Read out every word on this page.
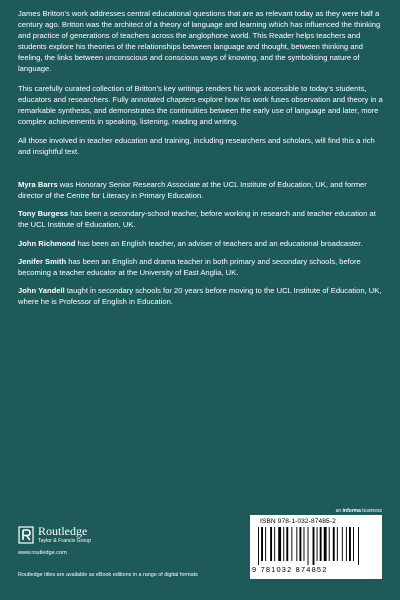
James Britton’s work addresses central educational questions that are as relevant today as they were half a century ago. Britton was the architect of a theory of language and learning which has influenced the thinking and practice of generations of teachers across the anglophone world. This Reader helps teachers and students explore his theories of the relationships between language and thought, between thinking and feeling, the links between unconscious and conscious ways of knowing, and the symbolising nature of language.

This carefully curated collection of Britton’s key writings renders his work accessible to today’s students, educators and researchers. Fully annotated chapters explore how his work fuses observation and theory in a remarkable synthesis, and demonstrates the continuities between the early use of language and later, more complex achievements in speaking, listening, reading and writing.

All those involved in teacher education and training, including researchers and scholars, will find this a rich and insightful text.

Myra Barrs was Honorary Senior Research Associate at the UCL Institute of Education, UK, and former director of the Centre for Literacy in Primary Education.

Tony Burgess has been a secondary-school teacher, before working in research and teacher education at the UCL Institute of Education, UK.

John Richmond has been an English teacher, an adviser of teachers and an educational broadcaster.

Jenifer Smith has been an English and drama teacher in both primary and secondary schools, before becoming a teacher educator at the University of East Anglia, UK.

John Yandell taught in secondary schools for 20 years before moving to the UCL Institute of Education, UK, where he is Professor of English in Education.

an informa business
Routledge
Taylor & Francis Group
www.routledge.com
Routledge titles are available as eBook editions in a range of digital formats
ISBN 978-1-032-87485-2
9 781032 874852
